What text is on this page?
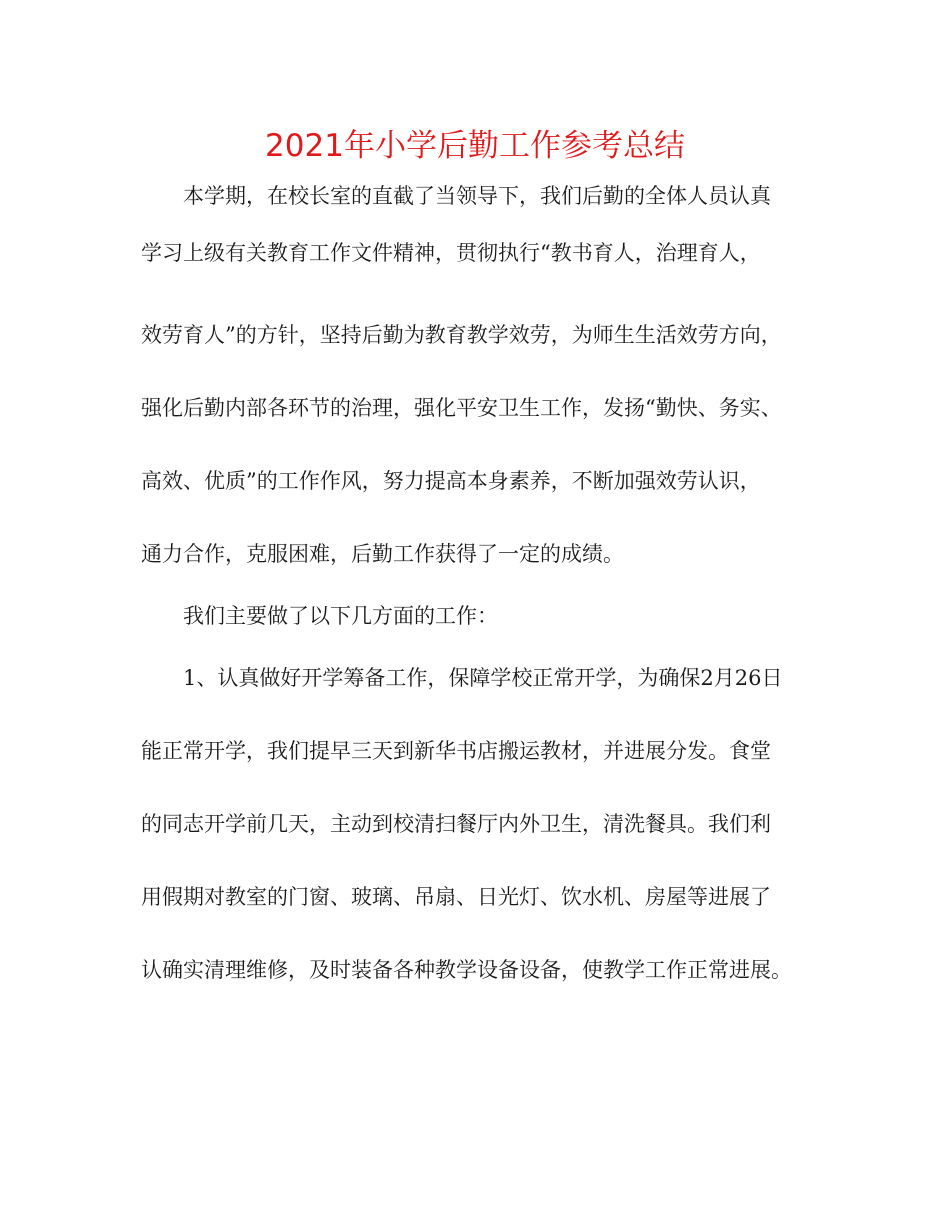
2021年小学后勤工作参考总结
本学期，在校长室的直截了当领导下，我们后勤的全体人员认真
学习上级有关教育工作文件精神，贯彻执行“教书育人，治理育人，
效劳育人”的方针，坚持后勤为教育教学效劳，为师生生活效劳方向，
强化后勤内部各环节的治理，强化平安卫生工作，发扬“勤快、务实、
高效、优质”的工作作风，努力提高本身素养，不断加强效劳认识，
通力合作，克服困难，后勤工作获得了一定的成绩。
我们主要做了以下几方面的工作：
1、认真做好开学筹备工作，保障学校正常开学，为确保2月26日
能正常开学，我们提早三天到新华书店搬运教材，并进展分发。食堂
的同志开学前几天，主动到校清扫餐厅内外卫生，清洗餐具。我们利
用假期对教室的门窗、玻璃、吊扇、日光灯、饮水机、房屋等进展了
认确实清理维修，及时装备各种教学设备设备，使教学工作正常进展。
